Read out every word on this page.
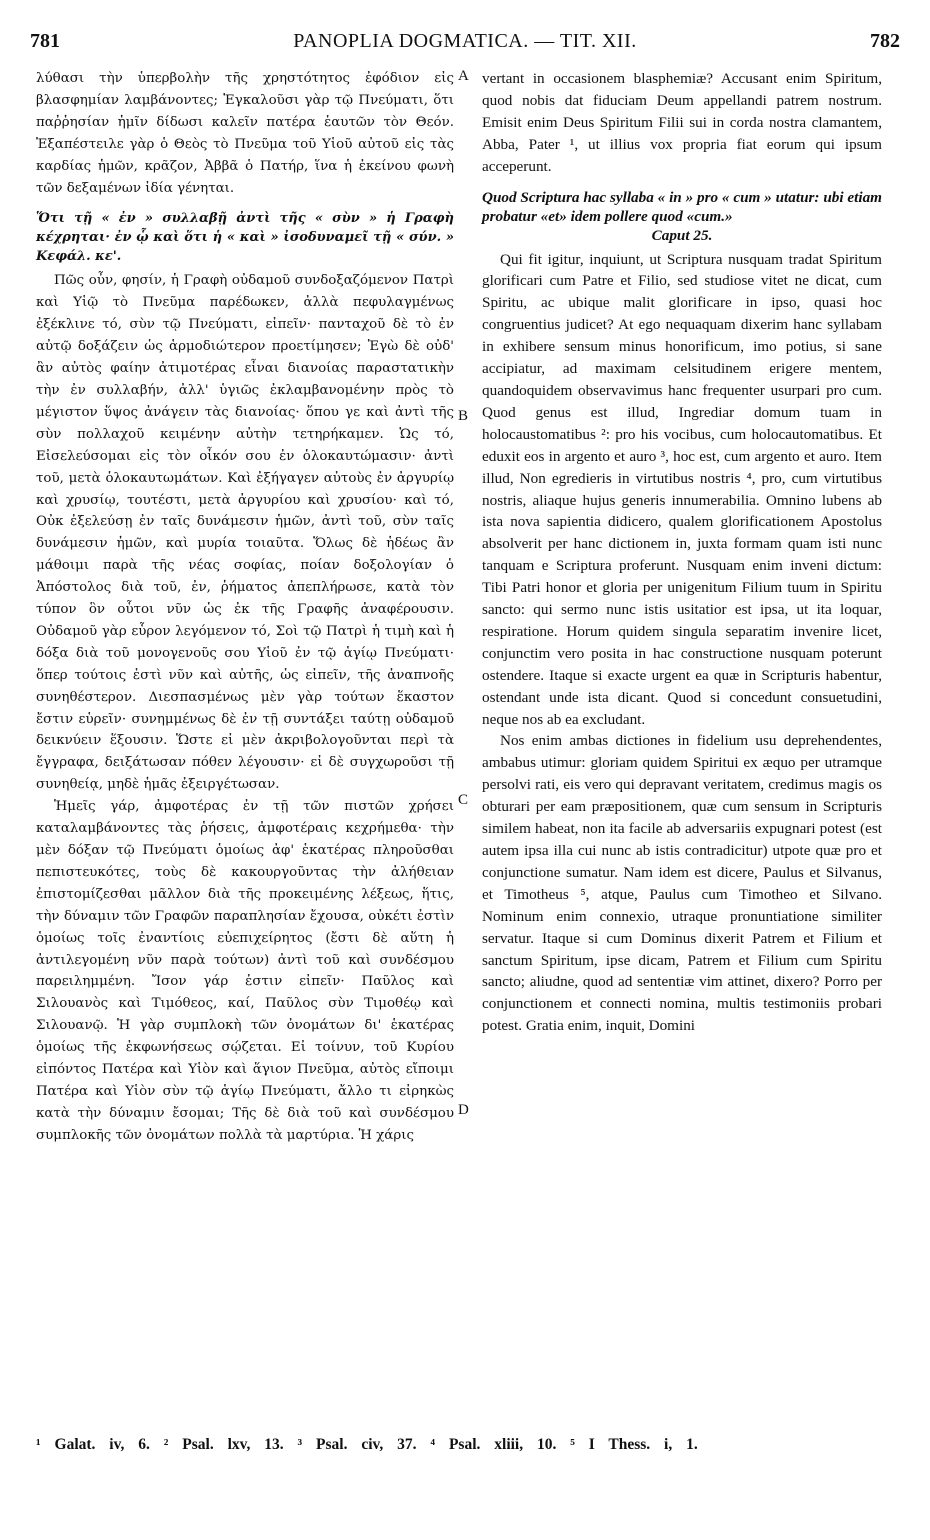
781	PANOPLIA DOGMATICA. — TIT. XII.	782

λύθασι τὴν ὑπερβολὴν τῆς χρηστότητος ἐφόδιον εἰς βλασφημίαν λαμβάνοντες; Ἐγκαλοῦσι γὰρ τῷ Πνεύματι, ὅτι παῤῥησίαν ἡμῖν δίδωσι καλεῖν πατέρα ἑαυτῶν τὸν Θεόν. Ἐξαπέστειλε γὰρ ὁ Θεὸς τὸ Πνεῦμα τοῦ Υἱοῦ αὐτοῦ εἰς τὰς καρδίας ἡμῶν, κρᾶζον, Ἀββᾶ ὁ Πατήρ, ἵνα ἡ ἐκείνου φωνὴ τῶν δεξαμένων ἰδία γένηται.

Ὅτι τῇ « ἐν » συλλαβῇ ἀντὶ τῆς « σὺν » ἡ Γραφὴ κέχρηται· ἐν ᾧ καὶ ὅτι ἡ « καὶ » ἰσοδυναμεῖ τῇ « σύν. » Κεφάλ. κε'.

Πῶς οὖν, φησίν, ἡ Γραφὴ οὐδαμοῦ συνδοξαζόμενον Πατρὶ καὶ Υἱῷ τὸ Πνεῦμα παρέδωκεν, ἀλλὰ πεφυλαγμένως ἐξέκλινε τό, σὺν τῷ Πνεύματι, εἰπεῖν· πανταχοῦ δὲ τὸ ἐν αὐτῷ δοξάζειν ὡς ἁρμοδιώτερον προετίμησεν; Ἐγὼ δὲ οὐδ' ἂν αὐτὸς φαίην ἀτιμοτέρας εἶναι διανοίας παραστατικὴν τὴν ἐν συλλαβήν, ἀλλ' ὑγιῶς ἐκλαμβανομένην πρὸς τὸ μέγιστον ὕψος ἀνάγειν τὰς διανοίας· ὅπου γε καὶ ἀντὶ τῆς σὺν πολλαχοῦ κειμένην αὐτὴν τετηρήκαμεν. Ὡς τό, Εἰσελεύσομαι εἰς τὸν οἶκόν σου ἐν ὁλοκαυτώμασιν· ἀντὶ τοῦ, μετὰ ὁλοκαυτωμάτων. Καὶ ἐξήγαγεν αὐτοὺς ἐν ἀργυρίῳ καὶ χρυσίῳ, τουτέστι, μετὰ ἀργυρίου καὶ χρυσίου· καὶ τό, Οὐκ ἐξελεύσῃ ἐν ταῖς δυνάμεσιν ἡμῶν, ἀντὶ τοῦ, σὺν ταῖς δυνάμεσιν ἡμῶν, καὶ μυρία τοιαῦτα. Ὅλως δὲ ἡδέως ἂν μάθοιμι παρὰ τῆς νέας σοφίας, ποίαν δοξολογίαν ὁ Ἀπόστολος διὰ τοῦ, ἐν, ῥήματος ἀπεπλήρωσε, κατὰ τὸν τύπον ὃν οὗτοι νῦν ὡς ἐκ τῆς Γραφῆς ἀναφέρουσιν. Οὐδαμοῦ γὰρ εὗρον λεγόμενον τό, Σοὶ τῷ Πατρὶ ἡ τιμὴ καὶ ἡ δόξα διὰ τοῦ μονογενοῦς σου Υἱοῦ ἐν τῷ ἁγίῳ Πνεύματι· ὅπερ τούτοις ἐστὶ νῦν καὶ αὐτῆς, ὡς εἰπεῖν, τῆς ἀναπνοῆς συνηθέστερον. Διεσπασμένως μὲν γὰρ τούτων ἕκαστον ἔστιν εὑρεῖν· συνημμένως δὲ ἐν τῇ συντάξει ταύτῃ οὐδαμοῦ δεικνύειν ἕξουσιν. Ὥστε εἰ μὲν ἀκριβολογοῦνται περὶ τὰ ἔγγραφα, δειξάτωσαν πόθεν λέγουσιν· εἰ δὲ συγχωροῦσι τῇ συνηθείᾳ, μηδὲ ἡμᾶς ἐξειργέτωσαν.

Ἡμεῖς γάρ, ἀμφοτέρας ἐν τῇ τῶν πιστῶν χρήσει καταλαμβάνοντες τὰς ῥήσεις, ἀμφοτέραις κεχρήμεθα· τὴν μὲν δόξαν τῷ Πνεύματι ὁμοίως ἀφ' ἑκατέρας πληροῦσθαι πεπιστευκότες, τοὺς δὲ κακουργοῦντας τὴν ἀλήθειαν ἐπιστομίζεσθαι μᾶλλον διὰ τῆς προκειμένης λέξεως, ἥτις, τὴν δύναμιν τῶν Γραφῶν παραπλησίαν ἔχουσα, οὐκέτι ἐστὶν ὁμοίως τοῖς ἐναντίοις εὐεπιχείρητος (ἔστι δὲ αὕτη ἡ ἀντιλεγομένη νῦν παρὰ τούτων) ἀντὶ τοῦ καὶ συνδέσμου παρειλημμένη. Ἴσον γάρ ἐστιν εἰπεῖν· Παῦλος καὶ Σιλουανὸς καὶ Τιμόθεος, καί, Παῦλος σὺν Τιμοθέῳ καὶ Σιλουανῷ. Ἡ γὰρ συμπλοκὴ τῶν ὀνομάτων δι' ἑκατέρας ὁμοίως τῆς ἐκφωνήσεως σῴζεται. Εἰ τοίνυν, τοῦ Κυρίου εἰπόντος Πατέρα καὶ Υἱὸν καὶ ἅγιον Πνεῦμα, αὐτὸς εἴποιμι Πατέρα καὶ Υἱὸν σὺν τῷ ἁγίῳ Πνεύματι, ἄλλο τι εἰρηκὼς κατὰ τὴν δύναμιν ἔσομαι; Τῆς δὲ διὰ τοῦ καὶ συνδέσμου συμπλοκῆς τῶν ὀνομάτων πολλὰ τὰ μαρτύρια. Ἡ χάρις

A
B
C
D

vertant in occasionem blasphemiæ? Accusant enim Spiritum, quod nobis dat fiduciam Deum appellandi patrem nostrum. Emisit enim Deus Spiritum Filii sui in corda nostra clamantem, Abba, Pater ¹, ut illius vox propria fiat eorum qui ipsum acceperunt.

Quod Scriptura hac syllaba « in » pro « cum » utatur: ubi etiam probatur «et» idem pollere quod «cum.»
Caput 25.

Qui fit igitur, inquiunt, ut Scriptura nusquam tradat Spiritum glorificari cum Patre et Filio, sed studiose vitet ne dicat, cum Spiritu, ac ubique malit glorificare in ipso, quasi hoc congruentius judicet? At ego nequaquam dixerim hanc syllabam in exhibere sensum minus honorificum, imo potius, si sane accipiatur, ad maximam celsitudinem erigere mentem, quandoquidem observavimus hanc frequenter usurpari pro cum. Quod genus est illud, Ingrediar domum tuam in holocaustomatibus ²: pro his vocibus, cum holocautomatibus. Et eduxit eos in argento et auro ³, hoc est, cum argento et auro. Item illud, Non egredieris in virtutibus nostris ⁴, pro, cum virtutibus nostris, aliaque hujus generis innumerabilia. Omnino lubens ab ista nova sapientia didicero, qualem glorificationem Apostolus absolverit per hanc dictionem in, juxta formam quam isti nunc tanquam e Scriptura proferunt. Nusquam enim inveni dictum: Tibi Patri honor et gloria per unigenitum Filium tuum in Spiritu sancto: qui sermo nunc istis usitatior est ipsa, ut ita loquar, respiratione. Horum quidem singula separatim invenire licet, conjunctim vero posita in hac constructione nusquam poterunt ostendere. Itaque si exacte urgent ea quæ in Scripturis habentur, ostendant unde ista dicant. Quod si concedunt consuetudini, neque nos ab ea excludant.

Nos enim ambas dictiones in fidelium usu deprehendentes, ambabus utimur: gloriam quidem Spiritui ex æquo per utramque persolvi rati, eis vero qui depravant veritatem, credimus magis os obturari per eam præpositionem, quæ cum sensum in Scripturis similem habeat, non ita facile ab adversariis expugnari potest (est autem ipsa illa cui nunc ab istis contradicitur) utpote quæ pro et conjunctione sumatur. Nam idem est dicere, Paulus et Silvanus, et Timotheus ⁵, atque, Paulus cum Timotheo et Silvano. Nominum enim connexio, utraque pronuntiatione similiter servatur. Itaque si cum Dominus dixerit Patrem et Filium et sanctum Spiritum, ipse dicam, Patrem et Filium cum Spiritu sancto; aliudne, quod ad sententiæ vim attinet, dixero? Porro per conjunctionem et connecti nomina, multis testimoniis probari potest. Gratia enim, inquit, Domini

¹ Galat. iv, 6. ² Psal. lxv, 13. ³ Psal. civ, 37. ⁴ Psal. xliii, 10. ⁵ I Thess. i, 1.
